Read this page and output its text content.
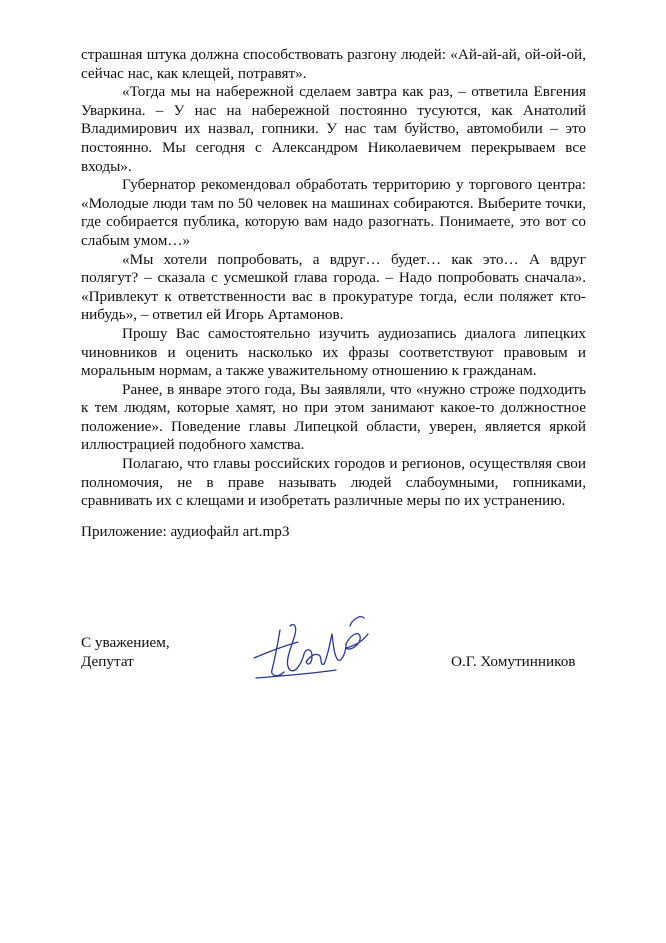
страшная штука должна способствовать разгону людей: «Ай-ай-ай, ой-ой-ой, сейчас нас, как клещей, потравят».

«Тогда мы на набережной сделаем завтра как раз, – ответила Евгения Уваркина. – У нас на набережной постоянно тусуются, как Анатолий Владимирович их назвал, гопники. У нас там буйство, автомобили – это постоянно. Мы сегодня с Александром Николаевичем перекрываем все входы».

Губернатор рекомендовал обработать территорию у торгового центра: «Молодые люди там по 50 человек на машинах собираются. Выберите точки, где собирается публика, которую вам надо разогнать. Понимаете, это вот со слабым умом…»

«Мы хотели попробовать, а вдруг… будет… как это… А вдруг полягут? – сказала с усмешкой глава города. – Надо попробовать сначала». «Привлекут к ответственности вас в прокуратуре тогда, если поляжет кто-нибудь», – ответил ей Игорь Артамонов.

Прошу Вас самостоятельно изучить аудиозапись диалога липецких чиновников и оценить насколько их фразы соответствуют правовым и моральным нормам, а также уважительному отношению к гражданам.

Ранее, в январе этого года, Вы заявляли, что «нужно строже подходить к тем людям, которые хамят, но при этом занимают какое-то должностное положение». Поведение главы Липецкой области, уверен, является яркой иллюстрацией подобного хамства.

Полагаю, что главы российских городов и регионов, осуществляя свои полномочия, не в праве называть людей слабоумными, гопниками, сравнивать их с клещами и изобретать различные меры по их устранению.

Приложение: аудиофайл art.mp3
С уважением,
Депутат	О.Г. Хомутинников
